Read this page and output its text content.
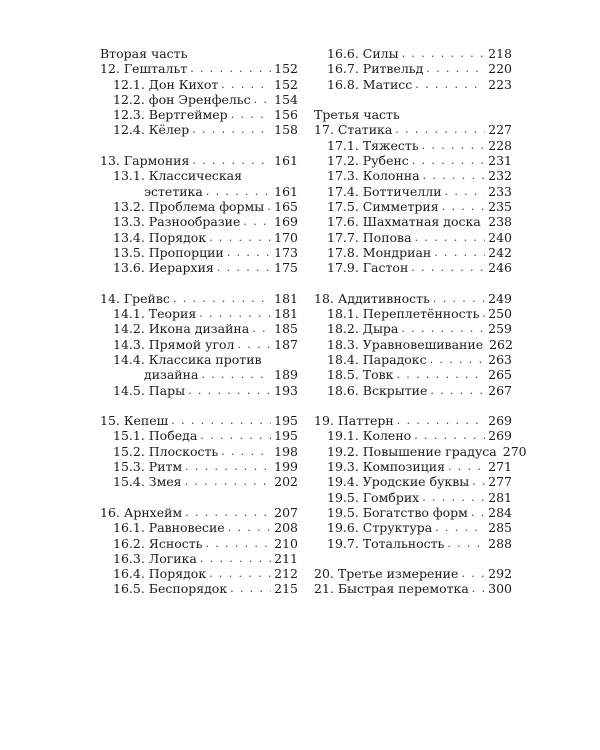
Вторая часть
12. Гештальт . . .	152
12.1. Дон Кихот . . .	152
12.2. фон Эренфельс . . . 154
12.3. Вертгеймер . . .	156
12.4. Кёлер . . .	158
13. Гармония . . .	161
13.1. Классическая
эстетика . . .	161
13.2. Проблема формы . . . 165
13.3. Разнообразие . . .	169
13.4. Порядок . . .	170
13.5. Пропорции . . .	173
13.6. Иерархия . . .	175
14. Грейвс . . .	181
14.1. Теория . . .	181
14.2. Икона дизайна . . . 185
14.3. Прямой угол . . .	187
14.4. Классика против
дизайна . . .	189
14.5. Пары . . .	193
15. Кепеш . . .	195
15.1. Победа . . .	195
15.2. Плоскость . . .	198
15.3. Ритм . . .	199
15.4. Змея . . .	202
16. Арнхейм . . .	207
16.1. Равновесие . . .	208
16.2. Ясность . . .	210
16.3. Логика . . .	211
16.4. Порядок . . .	212
16.5. Беспорядок . . .	215
16.6. Силы . . .	218
16.7. Ритвельд . . .	220
16.8. Матисс . . .	223
Третья часть
17. Статика . . .	227
17.1. Тяжесть . . .	228
17.2. Рубенс . . .	231
17.3. Колонна . . .	232
17.4. Боттичелли . . .	233
17.5. Симметрия . . .	235
17.6. Шахматная доска . . . 238
17.7. Попова . . .	240
17.8. Мондриан . . .	242
17.9. Гастон . . .	246
18. Аддитивность . . .	249
18.1. Переплетённость . . . 250
18.2. Дыра . . .	259
18.3. Уравновешивание 262
18.4. Парадокс . . .	263
18.5. Товк . . .	265
18.6. Вскрытие . . .	267
19. Паттерн . . .	269
19.1. Колено . . .	269
19.2. Повышение градуса 270
19.3. Композиция . . .	271
19.4. Уродские буквы . . . 277
19.5. Гомбрих . . .	281
19.5. Богатство форм . . . 284
19.6. Структура . . .	285
19.7. Тотальность . . .	288
20. Третье измерение . . . 292
21. Быстрая перемотка . . . 300
